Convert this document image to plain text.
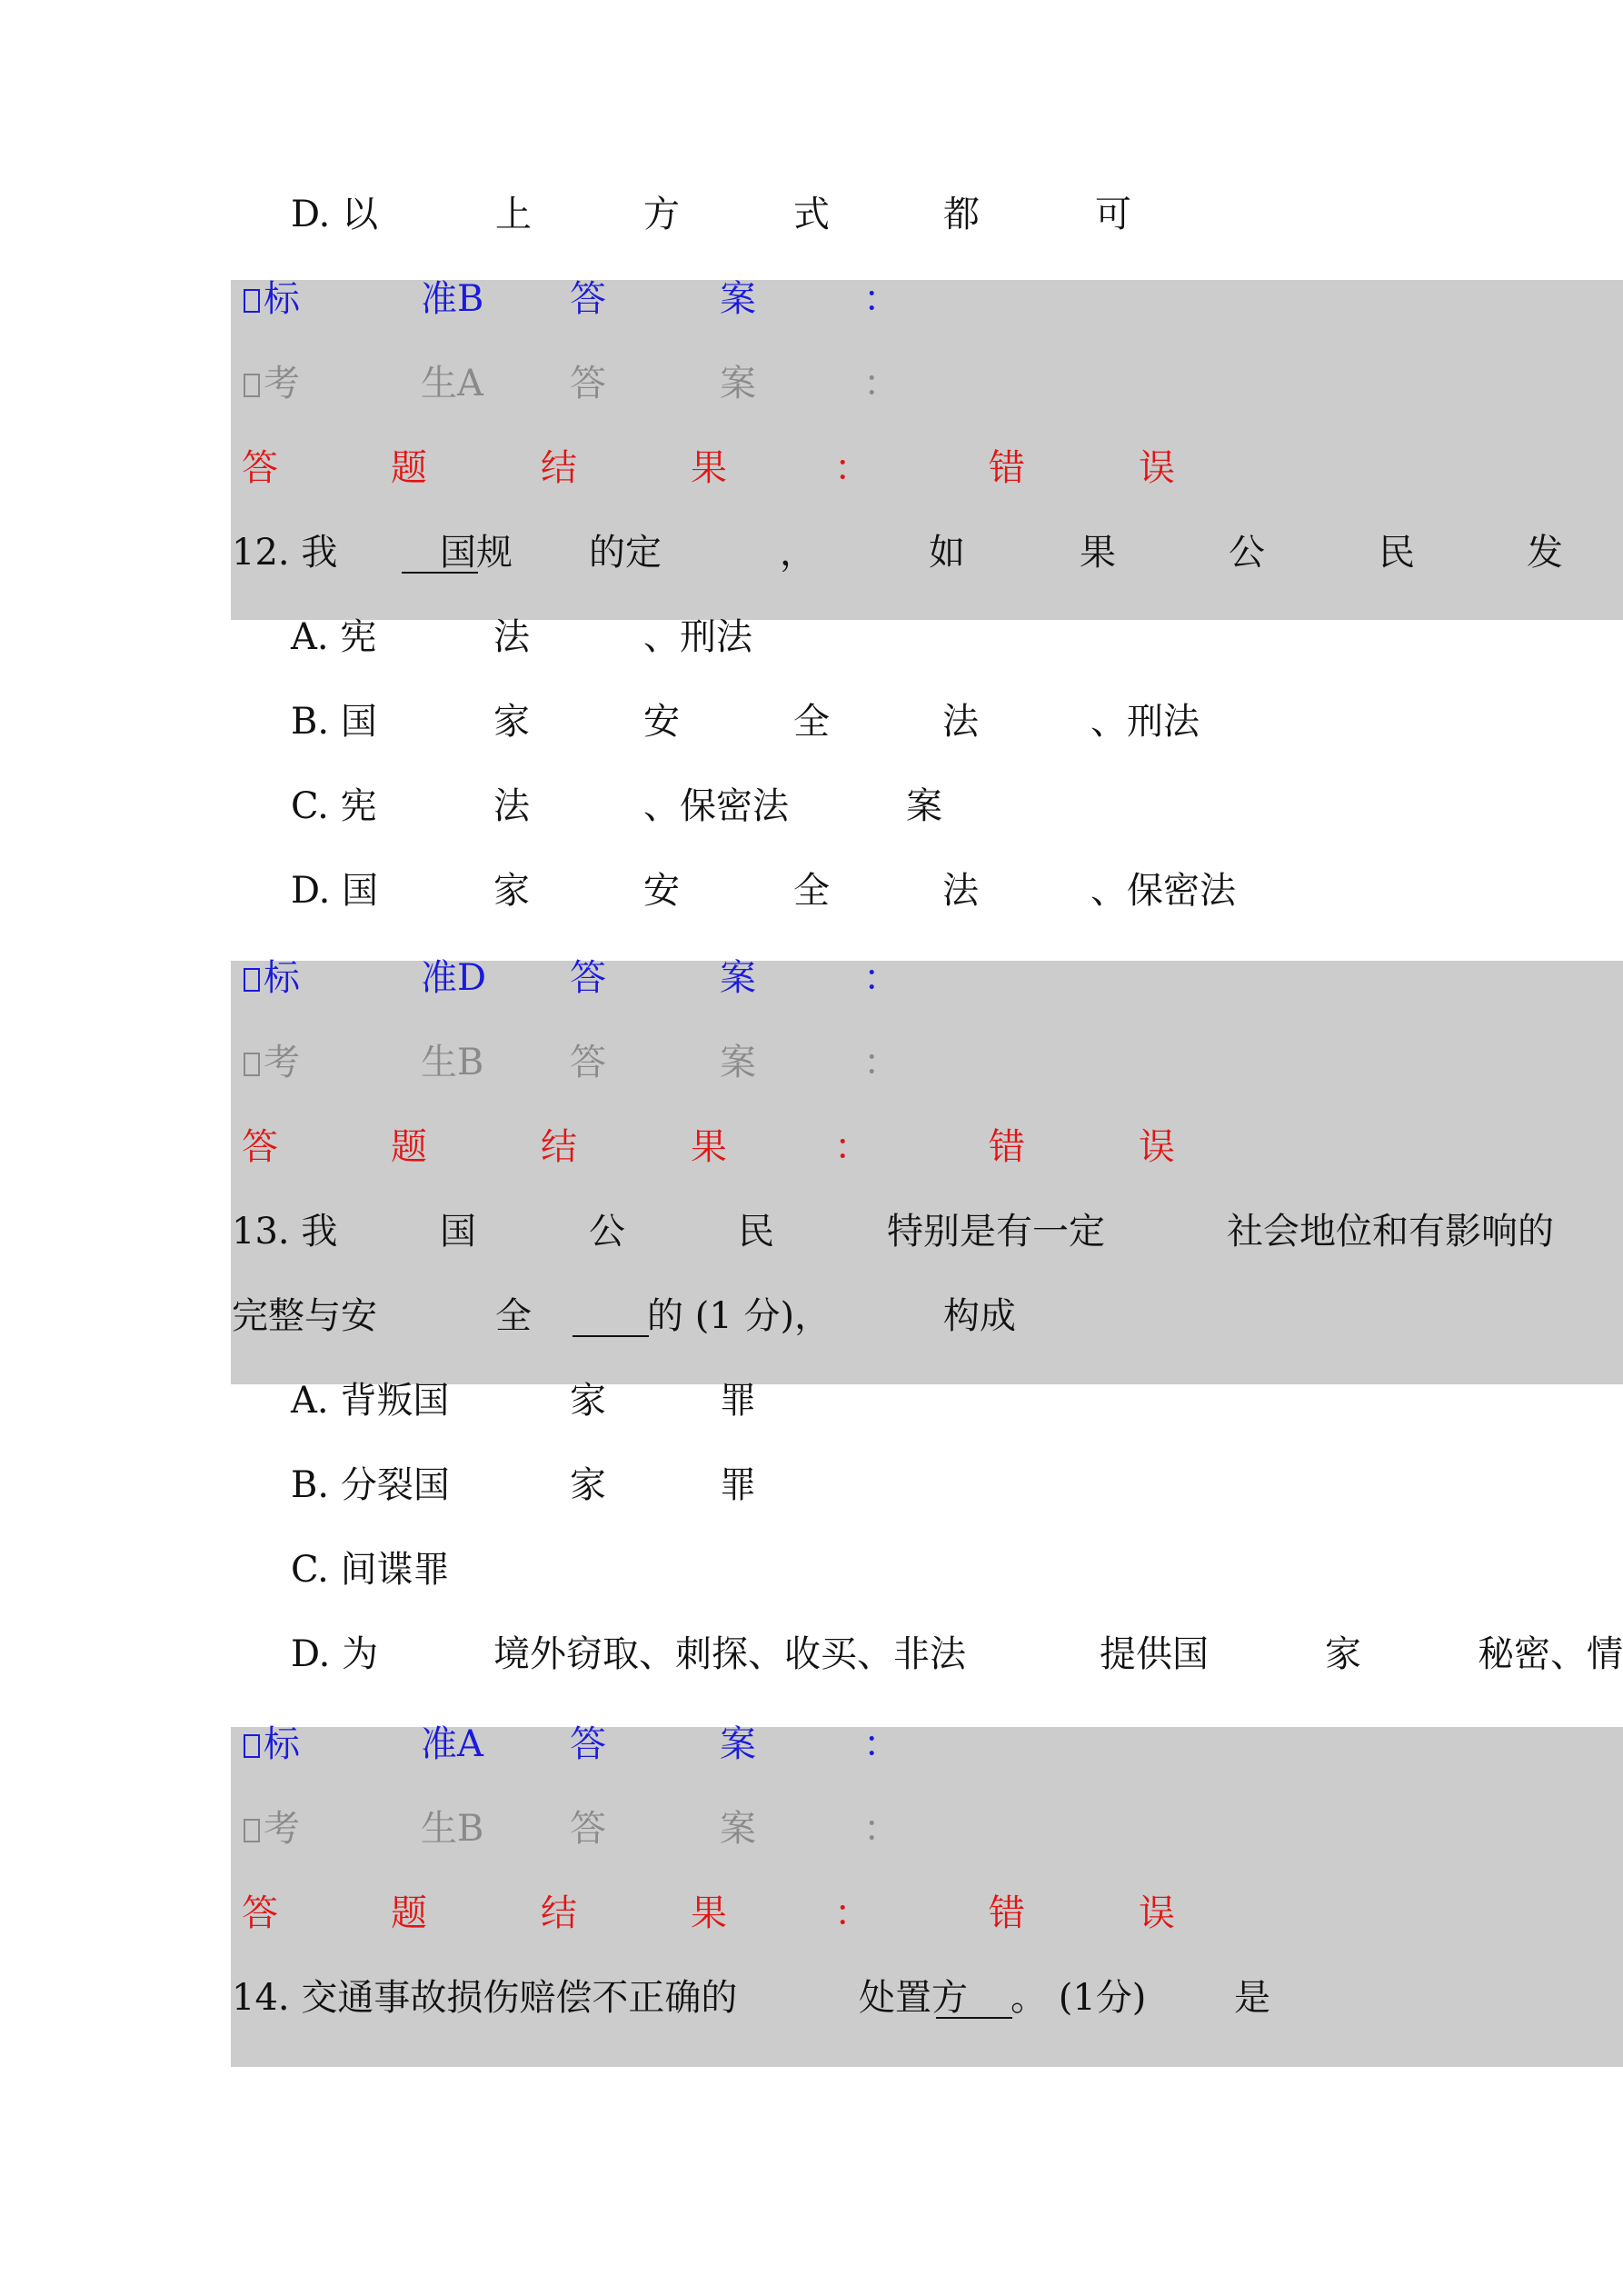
D. 以	上	方	式	都	可
标	准B 答	案	：
考	生A 答	案	：
答	题	结	果	：	错	误
12. 我	国规 的定	，	如	果	公	民	发
A. 宪	法	、刑法
B. 国	家	安	全	法	、刑法
C. 宪	法	、保密法	案
D. 国	家	安	全	法	、保密法
标	准D 答	案	：
考	生B 答	案	：
答	题	结	果	：	错	误
13. 我	国	公	民	特别是有一定	社会地位和有影响的
完整与安	全	的 (1 分)，	构成
A. 背叛国	家	罪
B. 分裂国	家	罪
C. 间谍罪
D. 为	境外窃取、刺探、收买、非法	提供国	家	秘密、情
标	准A 答	案	：
考	生B 答	案	：
答	题	结	果	：	错	误
14. 交通事故损伤赔偿不正确的	处置方 。 (1分) 是
